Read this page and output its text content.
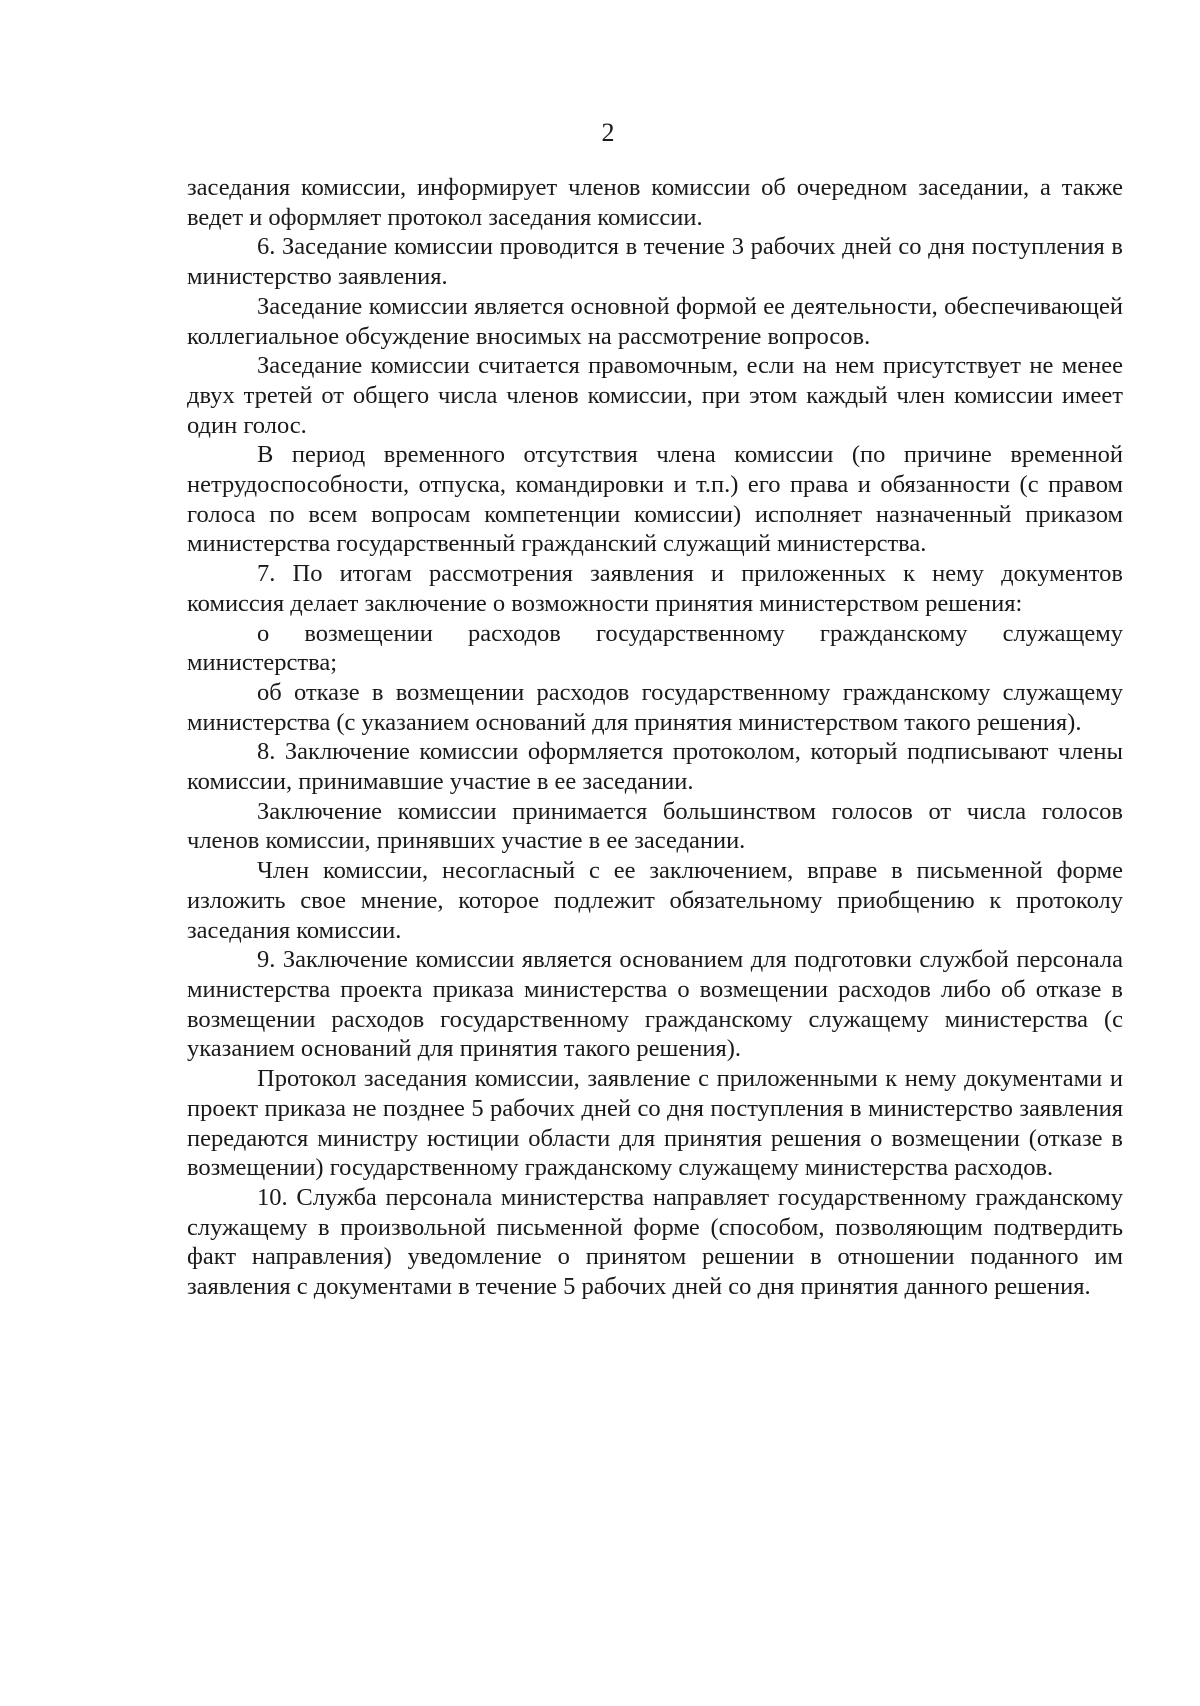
2

заседания комиссии, информирует членов комиссии об очередном заседании, а также ведет и оформляет протокол заседания комиссии.

6. Заседание комиссии проводится в течение 3 рабочих дней со дня поступления в министерство заявления.

Заседание комиссии является основной формой ее деятельности, обеспечивающей коллегиальное обсуждение вносимых на рассмотрение вопросов.

Заседание комиссии считается правомочным, если на нем присутствует не менее двух третей от общего числа членов комиссии, при этом каждый член комиссии имеет один голос.

В период временного отсутствия члена комиссии (по причине временной нетрудоспособности, отпуска, командировки и т.п.) его права и обязанности (с правом голоса по всем вопросам компетенции комиссии) исполняет назначенный приказом министерства государственный гражданский служащий министерства.

7. По итогам рассмотрения заявления и приложенных к нему документов комиссия делает заключение о возможности принятия министерством решения:

о возмещении расходов государственному гражданскому служащему министерства;

об отказе в возмещении расходов государственному гражданскому служащему министерства (с указанием оснований для принятия министерством такого решения).

8. Заключение комиссии оформляется протоколом, который подписывают члены комиссии, принимавшие участие в ее заседании.

Заключение комиссии принимается большинством голосов от числа голосов членов комиссии, принявших участие в ее заседании.

Член комиссии, несогласный с ее заключением, вправе в письменной форме изложить свое мнение, которое подлежит обязательному приобщению к протоколу заседания комиссии.

9. Заключение комиссии является основанием для подготовки службой персонала министерства проекта приказа министерства о возмещении расходов либо об отказе в возмещении расходов государственному гражданскому служащему министерства (с указанием оснований для принятия такого решения).

Протокол заседания комиссии, заявление с приложенными к нему документами и проект приказа не позднее 5 рабочих дней со дня поступления в министерство заявления передаются министру юстиции области для принятия решения о возмещении (отказе в возмещении) государственному гражданскому служащему министерства расходов.

10. Служба персонала министерства направляет государственному гражданскому служащему в произвольной письменной форме (способом, позволяющим подтвердить факт направления) уведомление о принятом решении в отношении поданного им заявления с документами в течение 5 рабочих дней со дня принятия данного решения.
